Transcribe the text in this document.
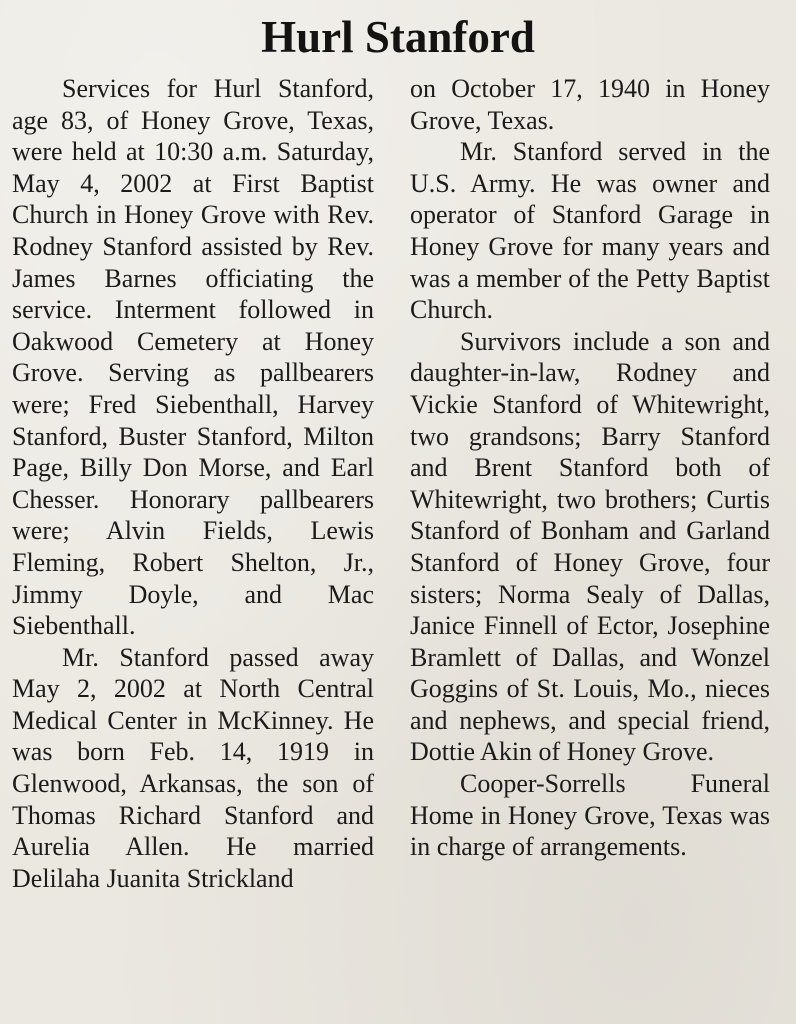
Hurl Stanford

Services for Hurl Stanford, age 83, of Honey Grove, Texas, were held at 10:30 a.m. Saturday, May 4, 2002 at First Baptist Church in Honey Grove with Rev. Rodney Stanford assisted by Rev. James Barnes officiating the service. Interment followed in Oakwood Cemetery at Honey Grove. Serving as pallbearers were; Fred Siebenthall, Harvey Stanford, Buster Stanford, Milton Page, Billy Don Morse, and Earl Chesser. Honorary pallbearers were; Alvin Fields, Lewis Fleming, Robert Shelton, Jr., Jimmy Doyle, and Mac Siebenthall.

Mr. Stanford passed away May 2, 2002 at North Central Medical Center in McKinney. He was born Feb. 14, 1919 in Glenwood, Arkansas, the son of Thomas Richard Stanford and Aurelia Allen. He married Delilaha Juanita Strickland

on October 17, 1940 in Honey Grove, Texas.

Mr. Stanford served in the U.S. Army. He was owner and operator of Stanford Garage in Honey Grove for many years and was a member of the Petty Baptist Church.

Survivors include a son and daughter-in-law, Rodney and Vickie Stanford of Whitewright, two grandsons; Barry Stanford and Brent Stanford both of Whitewright, two brothers; Curtis Stanford of Bonham and Garland Stanford of Honey Grove, four sisters; Norma Sealy of Dallas, Janice Finnell of Ector, Josephine Bramlett of Dallas, and Wonzel Goggins of St. Louis, Mo., nieces and nephews, and special friend, Dottie Akin of Honey Grove.

Cooper-Sorrells Funeral Home in Honey Grove, Texas was in charge of arrangements.
